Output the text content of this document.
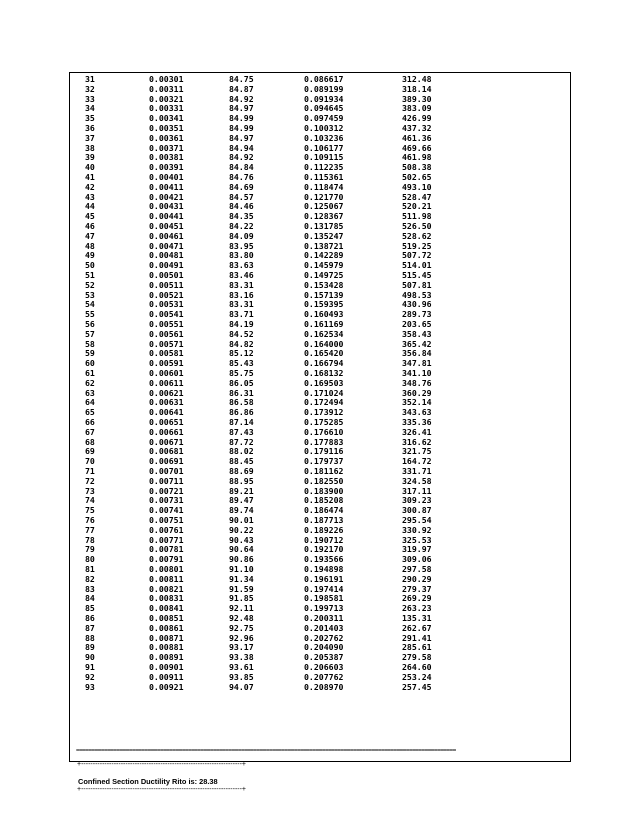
31	0.00301	84.75	0.086617	312.48
32	0.00311	84.87	0.089199	318.14
33	0.00321	84.92	0.091934	389.30
34	0.00331	84.97	0.094645	383.09
35	0.00341	84.99	0.097459	426.99
36	0.00351	84.99	0.100312	437.32
37	0.00361	84.97	0.103236	461.36
38	0.00371	84.94	0.106177	469.66
39	0.00381	84.92	0.109115	461.98
40	0.00391	84.84	0.112235	508.38
41	0.00401	84.76	0.115361	502.65
42	0.00411	84.69	0.118474	493.10
43	0.00421	84.57	0.121770	528.47
44	0.00431	84.46	0.125067	520.21
45	0.00441	84.35	0.128367	511.98
46	0.00451	84.22	0.131785	526.50
47	0.00461	84.09	0.135247	528.62
48	0.00471	83.95	0.138721	519.25
49	0.00481	83.80	0.142289	507.72
50	0.00491	83.63	0.145979	514.01
51	0.00501	83.46	0.149725	515.45
52	0.00511	83.31	0.153428	507.81
53	0.00521	83.16	0.157139	498.53
54	0.00531	83.31	0.159395	430.96
55	0.00541	83.71	0.160493	289.73
56	0.00551	84.19	0.161169	203.65
57	0.00561	84.52	0.162534	358.43
58	0.00571	84.82	0.164000	365.42
59	0.00581	85.12	0.165420	356.84
60	0.00591	85.43	0.166794	347.81
61	0.00601	85.75	0.168132	341.10
62	0.00611	86.05	0.169503	348.76
63	0.00621	86.31	0.171024	360.29
64	0.00631	86.58	0.172494	352.14
65	0.00641	86.86	0.173912	343.63
66	0.00651	87.14	0.175285	335.36
67	0.00661	87.43	0.176610	326.41
68	0.00671	87.72	0.177883	316.62
69	0.00681	88.02	0.179116	321.75
70	0.00691	88.45	0.179737	164.72
71	0.00701	88.69	0.181162	331.71
72	0.00711	88.95	0.182550	324.58
73	0.00721	89.21	0.183900	317.11
74	0.00731	89.47	0.185208	309.23
75	0.00741	89.74	0.186474	300.87
76	0.00751	90.01	0.187713	295.54
77	0.00761	90.22	0.189226	330.92
78	0.00771	90.43	0.190712	325.53
79	0.00781	90.64	0.192170	319.97
80	0.00791	90.86	0.193566	309.06
81	0.00801	91.10	0.194898	297.58
82	0.00811	91.34	0.196191	290.29
83	0.00821	91.59	0.197414	279.37
84	0.00831	91.85	0.198581	269.29
85	0.00841	92.11	0.199713	263.23
86	0.00851	92.48	0.200311	135.31
87	0.00861	92.75	0.201403	262.67
88	0.00871	92.96	0.202762	291.41
89	0.00881	93.17	0.204090	285.61
90	0.00891	93.38	0.205387	279.58
91	0.00901	93.61	0.206603	264.60
92	0.00911	93.85	0.207762	253.24
93	0.00921	94.07	0.208970	257.45
==========================================================================================================================
+---------------------------------------------------------------------+
Confined Section Ductility Rito is: 28.38
+---------------------------------------------------------------------+
